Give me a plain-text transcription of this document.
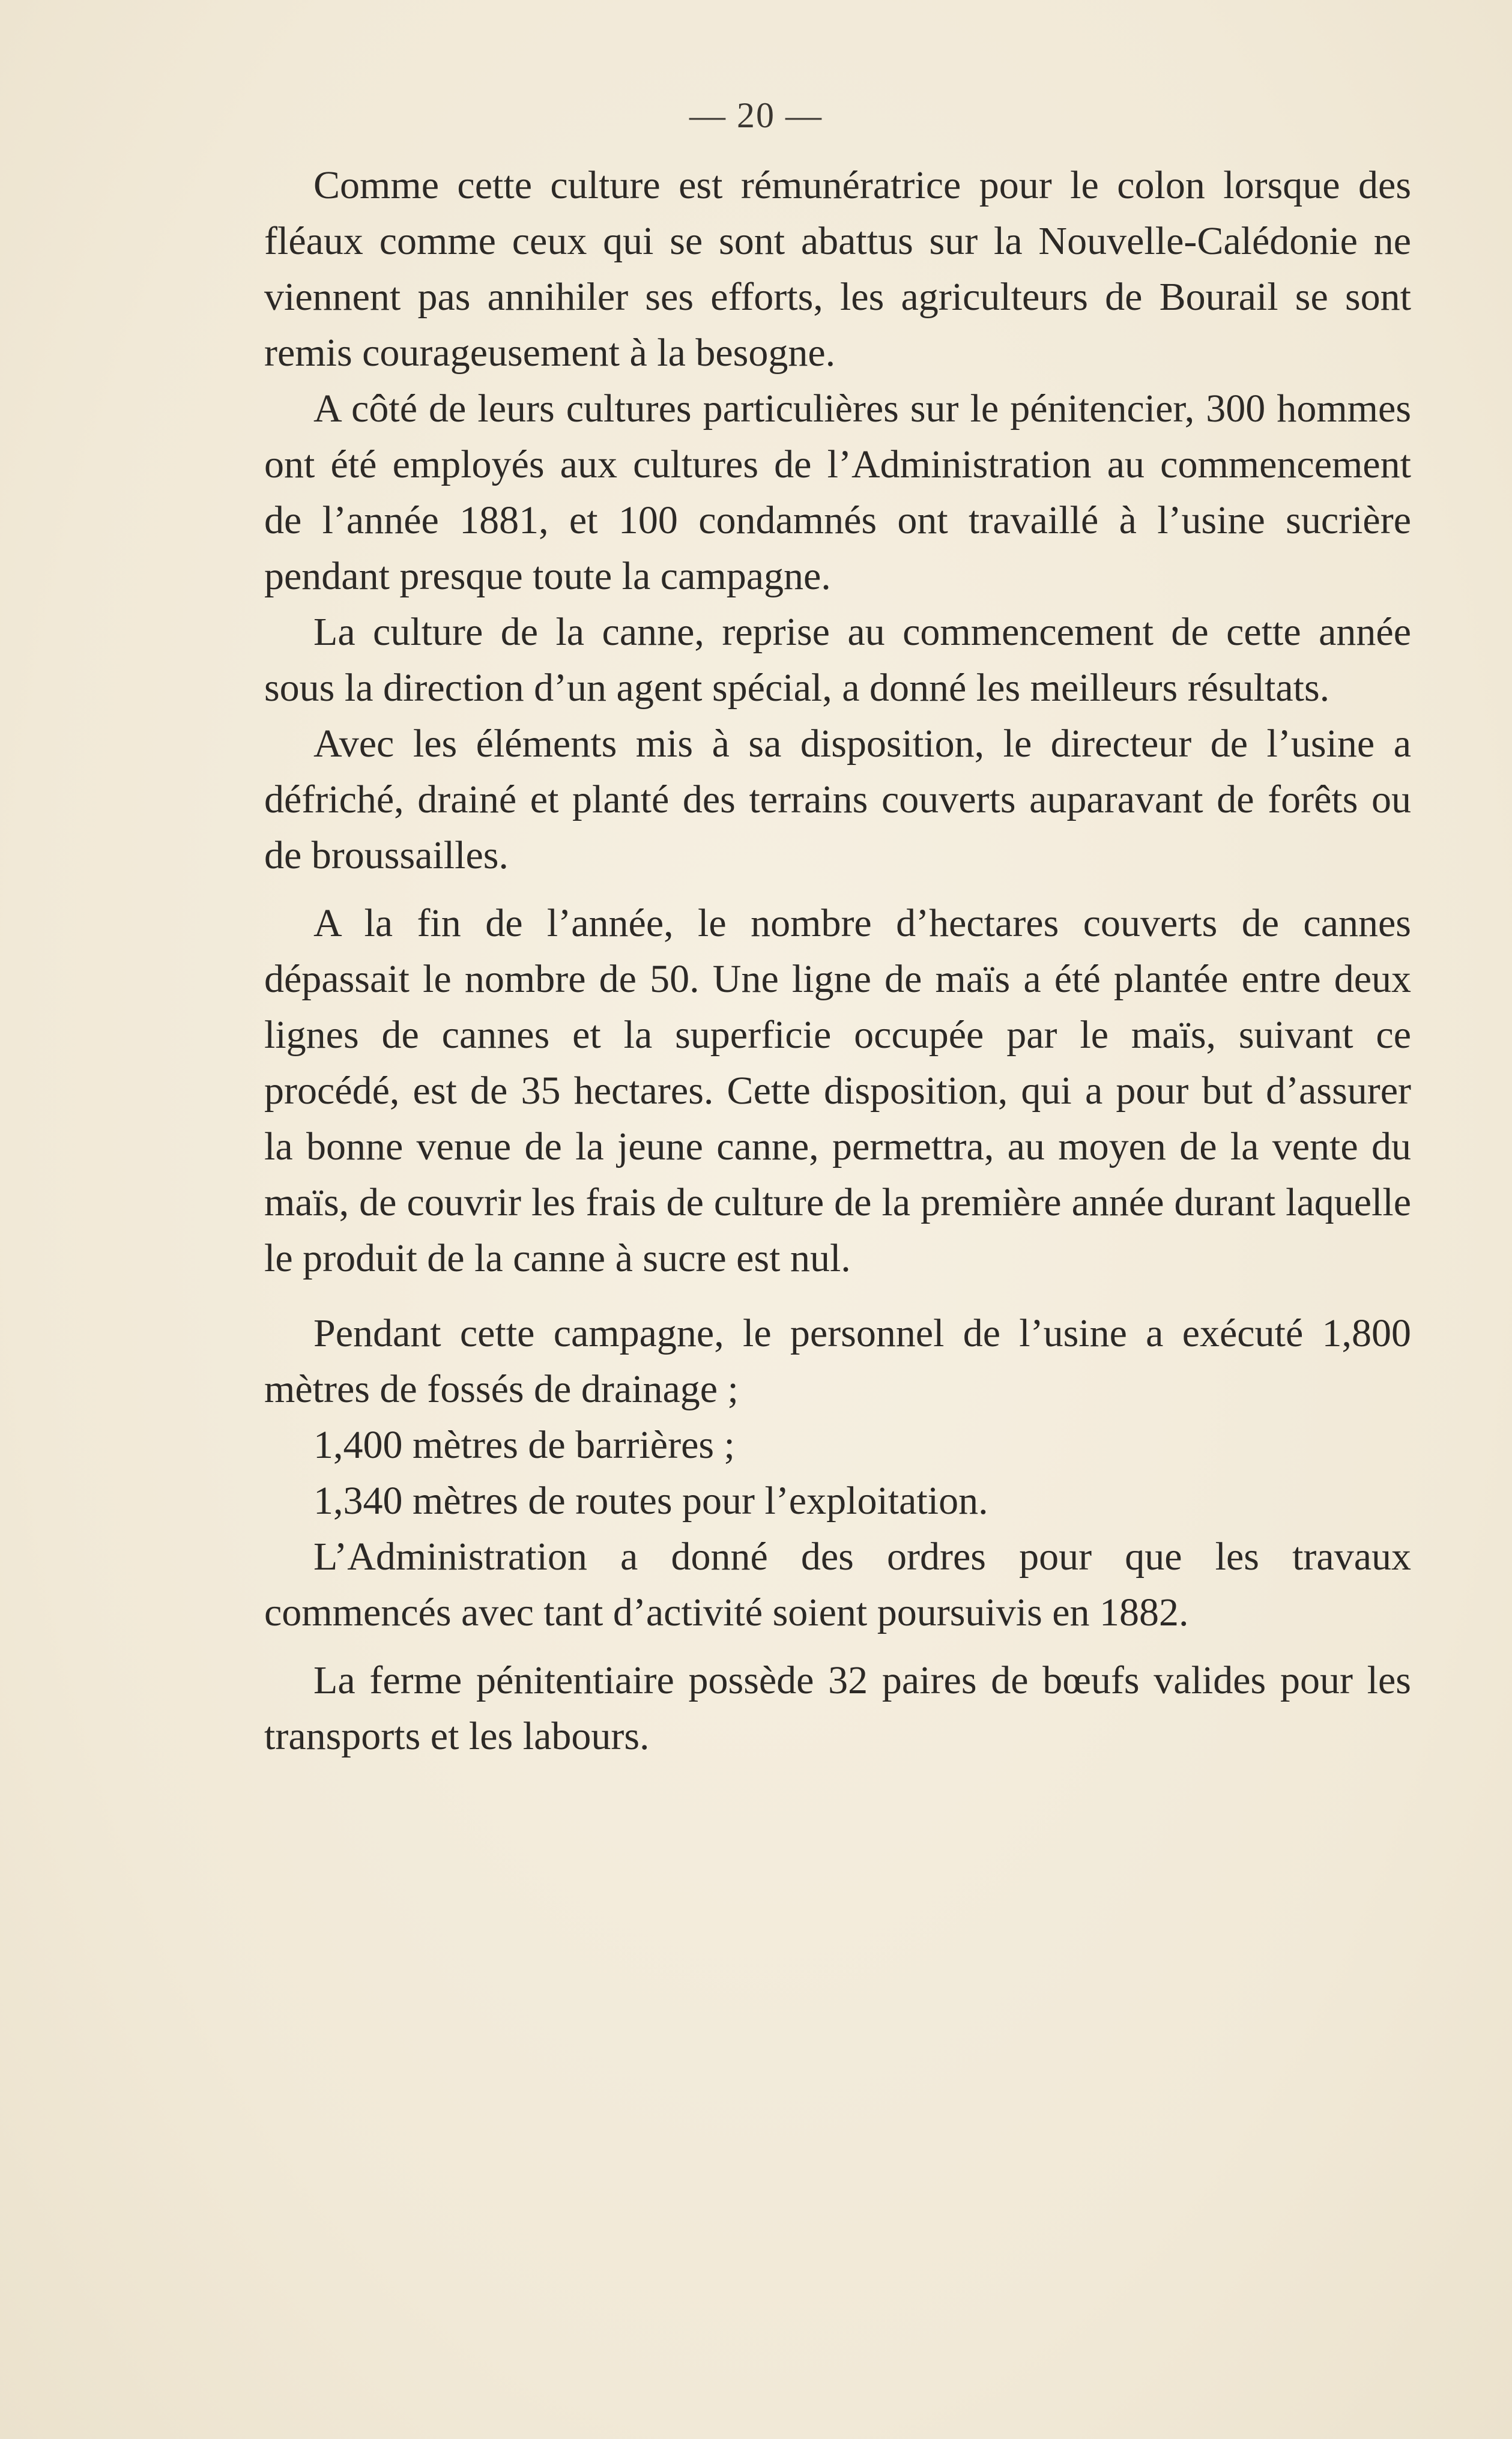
— 20 —

Comme cette culture est rémunératrice pour le colon lorsque des fléaux comme ceux qui se sont abattus sur la Nouvelle-Calédonie ne viennent pas annihiler ses efforts, les agriculteurs de Bourail se sont remis courageusement à la besogne.

A côté de leurs cultures particulières sur le pénitencier, 300 hommes ont été employés aux cultures de l’Administration au commencement de l’année 1881, et 100 condamnés ont travaillé à l’usine sucrière pendant presque toute la campagne.

La culture de la canne, reprise au commencement de cette année sous la direction d’un agent spécial, a donné les meilleurs résultats.

Avec les éléments mis à sa disposition, le directeur de l’usine a défriché, drainé et planté des terrains couverts auparavant de forêts ou de broussailles.

A la fin de l’année, le nombre d’hectares couverts de cannes dépassait le nombre de 50. Une ligne de maïs a été plantée entre deux lignes de cannes et la superficie occupée par le maïs, suivant ce procédé, est de 35 hectares. Cette disposition, qui a pour but d’assurer la bonne venue de la jeune canne, permettra, au moyen de la vente du maïs, de couvrir les frais de culture de la première année durant laquelle le produit de la canne à sucre est nul.

Pendant cette campagne, le personnel de l’usine a exécuté 1,800 mètres de fossés de drainage ;

1,400 mètres de barrières ;

1,340 mètres de routes pour l’exploitation.

L’Administration a donné des ordres pour que les travaux commencés avec tant d’activité soient poursuivis en 1882.

La ferme pénitentiaire possède 32 paires de bœufs valides pour les transports et les labours.
